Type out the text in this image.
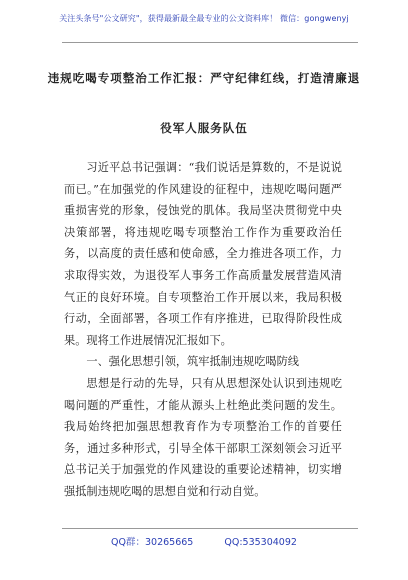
关注头条号"公文研究"，获得最新最全最专业的公文资料库！ 微信：gongwenyj
违规吃喝专项整治工作汇报：严守纪律红线，打造清廉退
役军人服务队伍

习近平总书记强调：“我们说话是算数的，不是说说而已。”在加强党的作风建设的征程中，违规吃喝问题严重损害党的形象，侵蚀党的肌体。我局坚决贯彻党中央决策部署，将违规吃喝专项整治工作作为重要政治任务，以高度的责任感和使命感，全力推进各项工作，力求取得实效，为退役军人事务工作高质量发展营造风清气正的良好环境。自专项整治工作开展以来，我局积极行动，全面部署，各项工作有序推进，已取得阶段性成果。现将工作进展情况汇报如下。

一、强化思想引领，筑牢抵制违规吃喝防线

思想是行动的先导，只有从思想深处认识到违规吃喝问题的严重性，才能从源头上杜绝此类问题的发生。我局始终把加强思想教育作为专项整治工作的首要任务，通过多种形式，引导全体干部职工深刻领会习近平总书记关于加强党的作风建设的重要论述精神，切实增强抵制违规吃喝的思想自觉和行动自觉。

QQ群：30265665	QQ:535304092
